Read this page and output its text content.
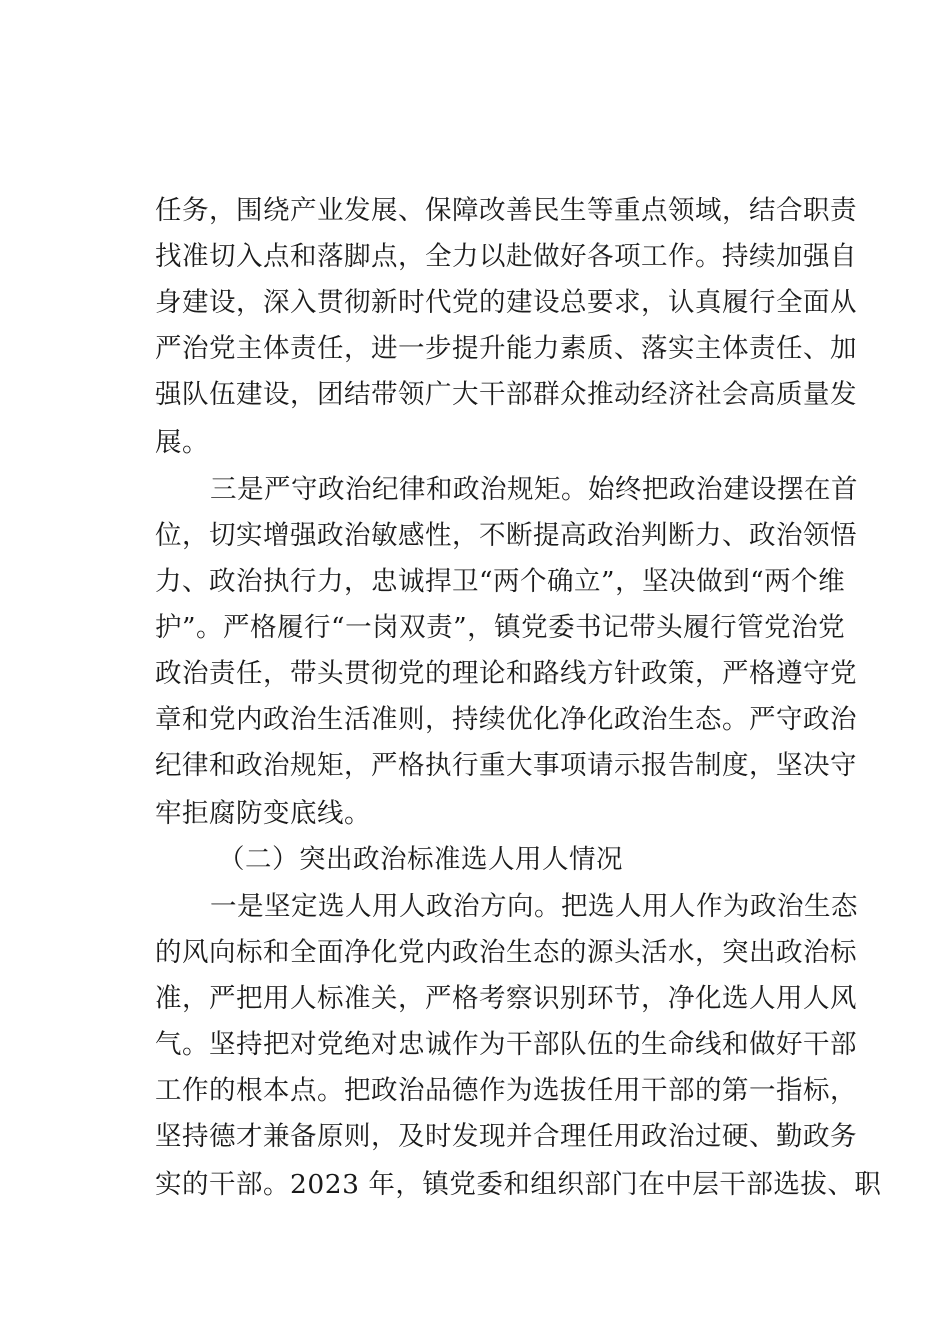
任务，围绕产业发展、保障改善民生等重点领域，结合职责
找准切入点和落脚点，全力以赴做好各项工作。持续加强自
身建设，深入贯彻新时代党的建设总要求，认真履行全面从
严治党主体责任，进一步提升能力素质、落实主体责任、加
强队伍建设，团结带领广大干部群众推动经济社会高质量发
展。
三是严守政治纪律和政治规矩。始终把政治建设摆在首
位，切实增强政治敏感性，不断提高政治判断力、政治领悟
力、政治执行力，忠诚捍卫“两个确立”，坚决做到“两个维
护”。严格履行“一岗双责”，镇党委书记带头履行管党治党
政治责任，带头贯彻党的理论和路线方针政策，严格遵守党
章和党内政治生活准则，持续优化净化政治生态。严守政治
纪律和政治规矩，严格执行重大事项请示报告制度，坚决守
牢拒腐防变底线。
（二）突出政治标准选人用人情况
一是坚定选人用人政治方向。把选人用人作为政治生态
的风向标和全面净化党内政治生态的源头活水，突出政治标
准，严把用人标准关，严格考察识别环节，净化选人用人风
气。坚持把对党绝对忠诚作为干部队伍的生命线和做好干部
工作的根本点。把政治品德作为选拔任用干部的第一指标，
坚持德才兼备原则，及时发现并合理任用政治过硬、勤政务
实的干部。2023 年，镇党委和组织部门在中层干部选拔、职
